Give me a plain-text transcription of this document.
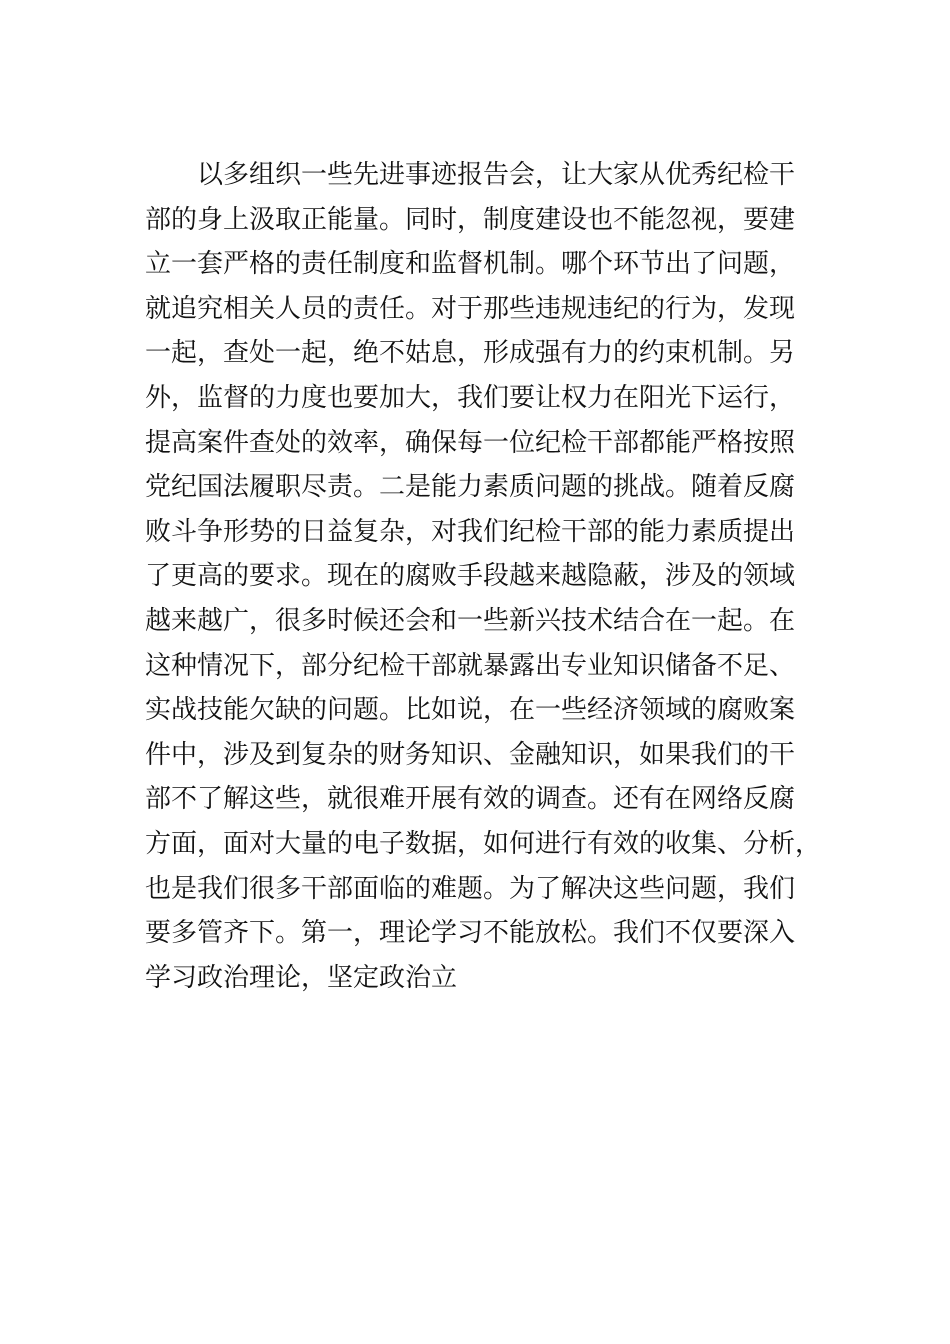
　　以多组织一些先进事迹报告会，让大家从优秀纪检干
部的身上汲取正能量。同时，制度建设也不能忽视，要建
立一套严格的责任制度和监督机制。哪个环节出了问题，
就追究相关人员的责任。对于那些违规违纪的行为，发现
一起，查处一起，绝不姑息，形成强有力的约束机制。另
外，监督的力度也要加大，我们要让权力在阳光下运行，
提高案件查处的效率，确保每一位纪检干部都能严格按照
党纪国法履职尽责。二是能力素质问题的挑战。随着反腐
败斗争形势的日益复杂，对我们纪检干部的能力素质提出
了更高的要求。现在的腐败手段越来越隐蔽，涉及的领域
越来越广，很多时候还会和一些新兴技术结合在一起。在
这种情况下，部分纪检干部就暴露出专业知识储备不足、
实战技能欠缺的问题。比如说，在一些经济领域的腐败案
件中，涉及到复杂的财务知识、金融知识，如果我们的干
部不了解这些，就很难开展有效的调查。还有在网络反腐
方面，面对大量的电子数据，如何进行有效的收集、分析，
也是我们很多干部面临的难题。为了解决这些问题，我们
要多管齐下。第一，理论学习不能放松。我们不仅要深入
学习政治理论，坚定政治立
